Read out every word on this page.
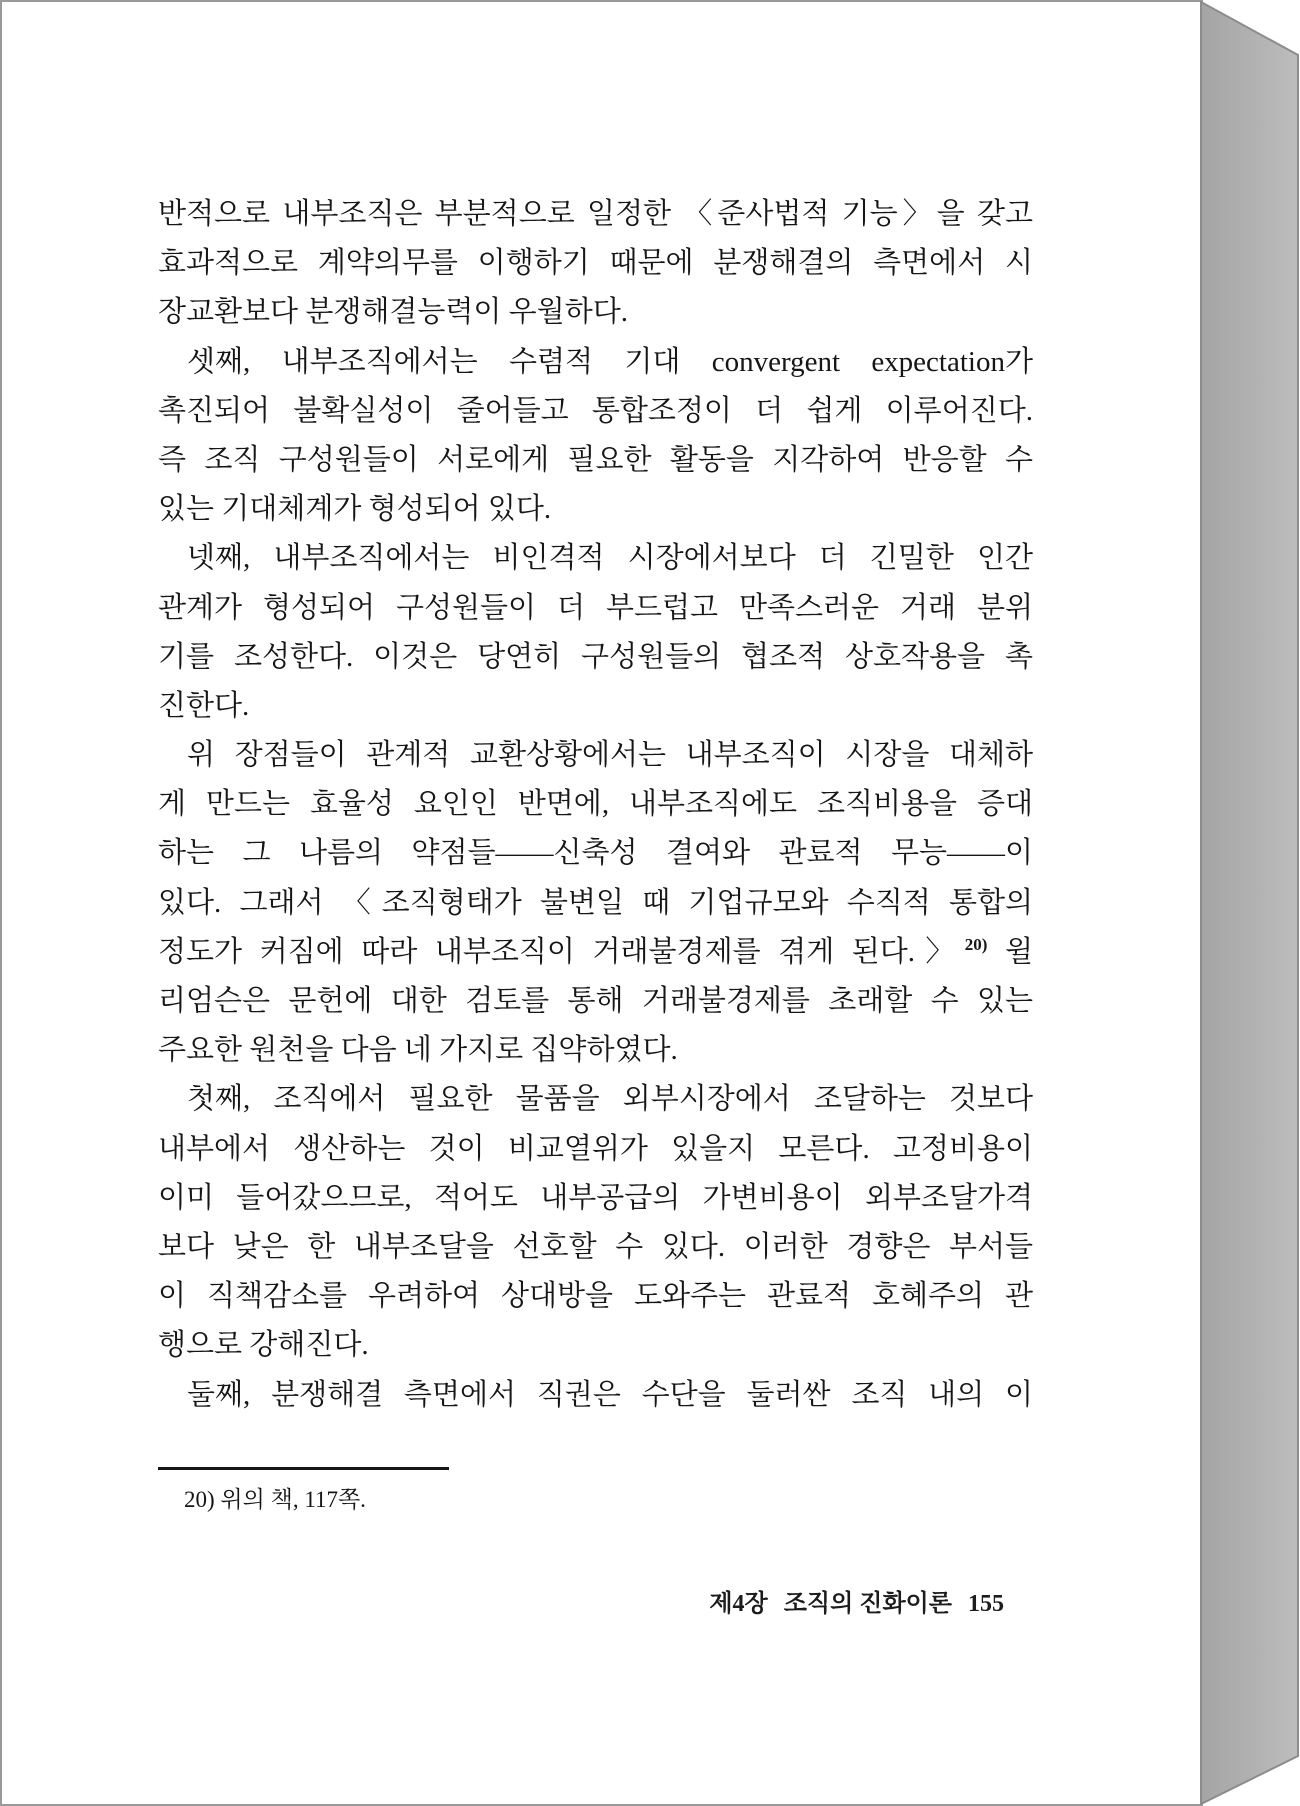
반적으로 내부조직은 부분적으로 일정한 〈준사법적 기능〉을 갖고
효과적으로 계약의무를 이행하기 때문에 분쟁해결의 측면에서 시
장교환보다 분쟁해결능력이 우월하다.
셋째, 내부조직에서는 수렴적 기대 convergent expectation가
촉진되어 불확실성이 줄어들고 통합조정이 더 쉽게 이루어진다.
즉 조직 구성원들이 서로에게 필요한 활동을 지각하여 반응할 수
있는 기대체계가 형성되어 있다.
넷째, 내부조직에서는 비인격적 시장에서보다 더 긴밀한 인간
관계가 형성되어 구성원들이 더 부드럽고 만족스러운 거래 분위
기를 조성한다. 이것은 당연히 구성원들의 협조적 상호작용을 촉
진한다.
위 장점들이 관계적 교환상황에서는 내부조직이 시장을 대체하
게 만드는 효율성 요인인 반면에, 내부조직에도 조직비용을 증대
하는 그 나름의 약점들——신축성 결여와 관료적 무능——이
있다. 그래서 〈조직형태가 불변일 때 기업규모와 수직적 통합의
정도가 커짐에 따라 내부조직이 거래불경제를 겪게 된다.〉$^{20)}$ 윌
리엄슨은 문헌에 대한 검토를 통해 거래불경제를 초래할 수 있는
주요한 원천을 다음 네 가지로 집약하였다.
첫째, 조직에서 필요한 물품을 외부시장에서 조달하는 것보다
내부에서 생산하는 것이 비교열위가 있을지 모른다. 고정비용이
이미 들어갔으므로, 적어도 내부공급의 가변비용이 외부조달가격
보다 낮은 한 내부조달을 선호할 수 있다. 이러한 경향은 부서들
이 직책감소를 우려하여 상대방을 도와주는 관료적 호혜주의 관
행으로 강해진다.
둘째, 분쟁해결 측면에서 직권은 수단을 둘러싼 조직 내의 이
20) 위의 책, 117쪽.
제4장 조직의 진화이론 155
